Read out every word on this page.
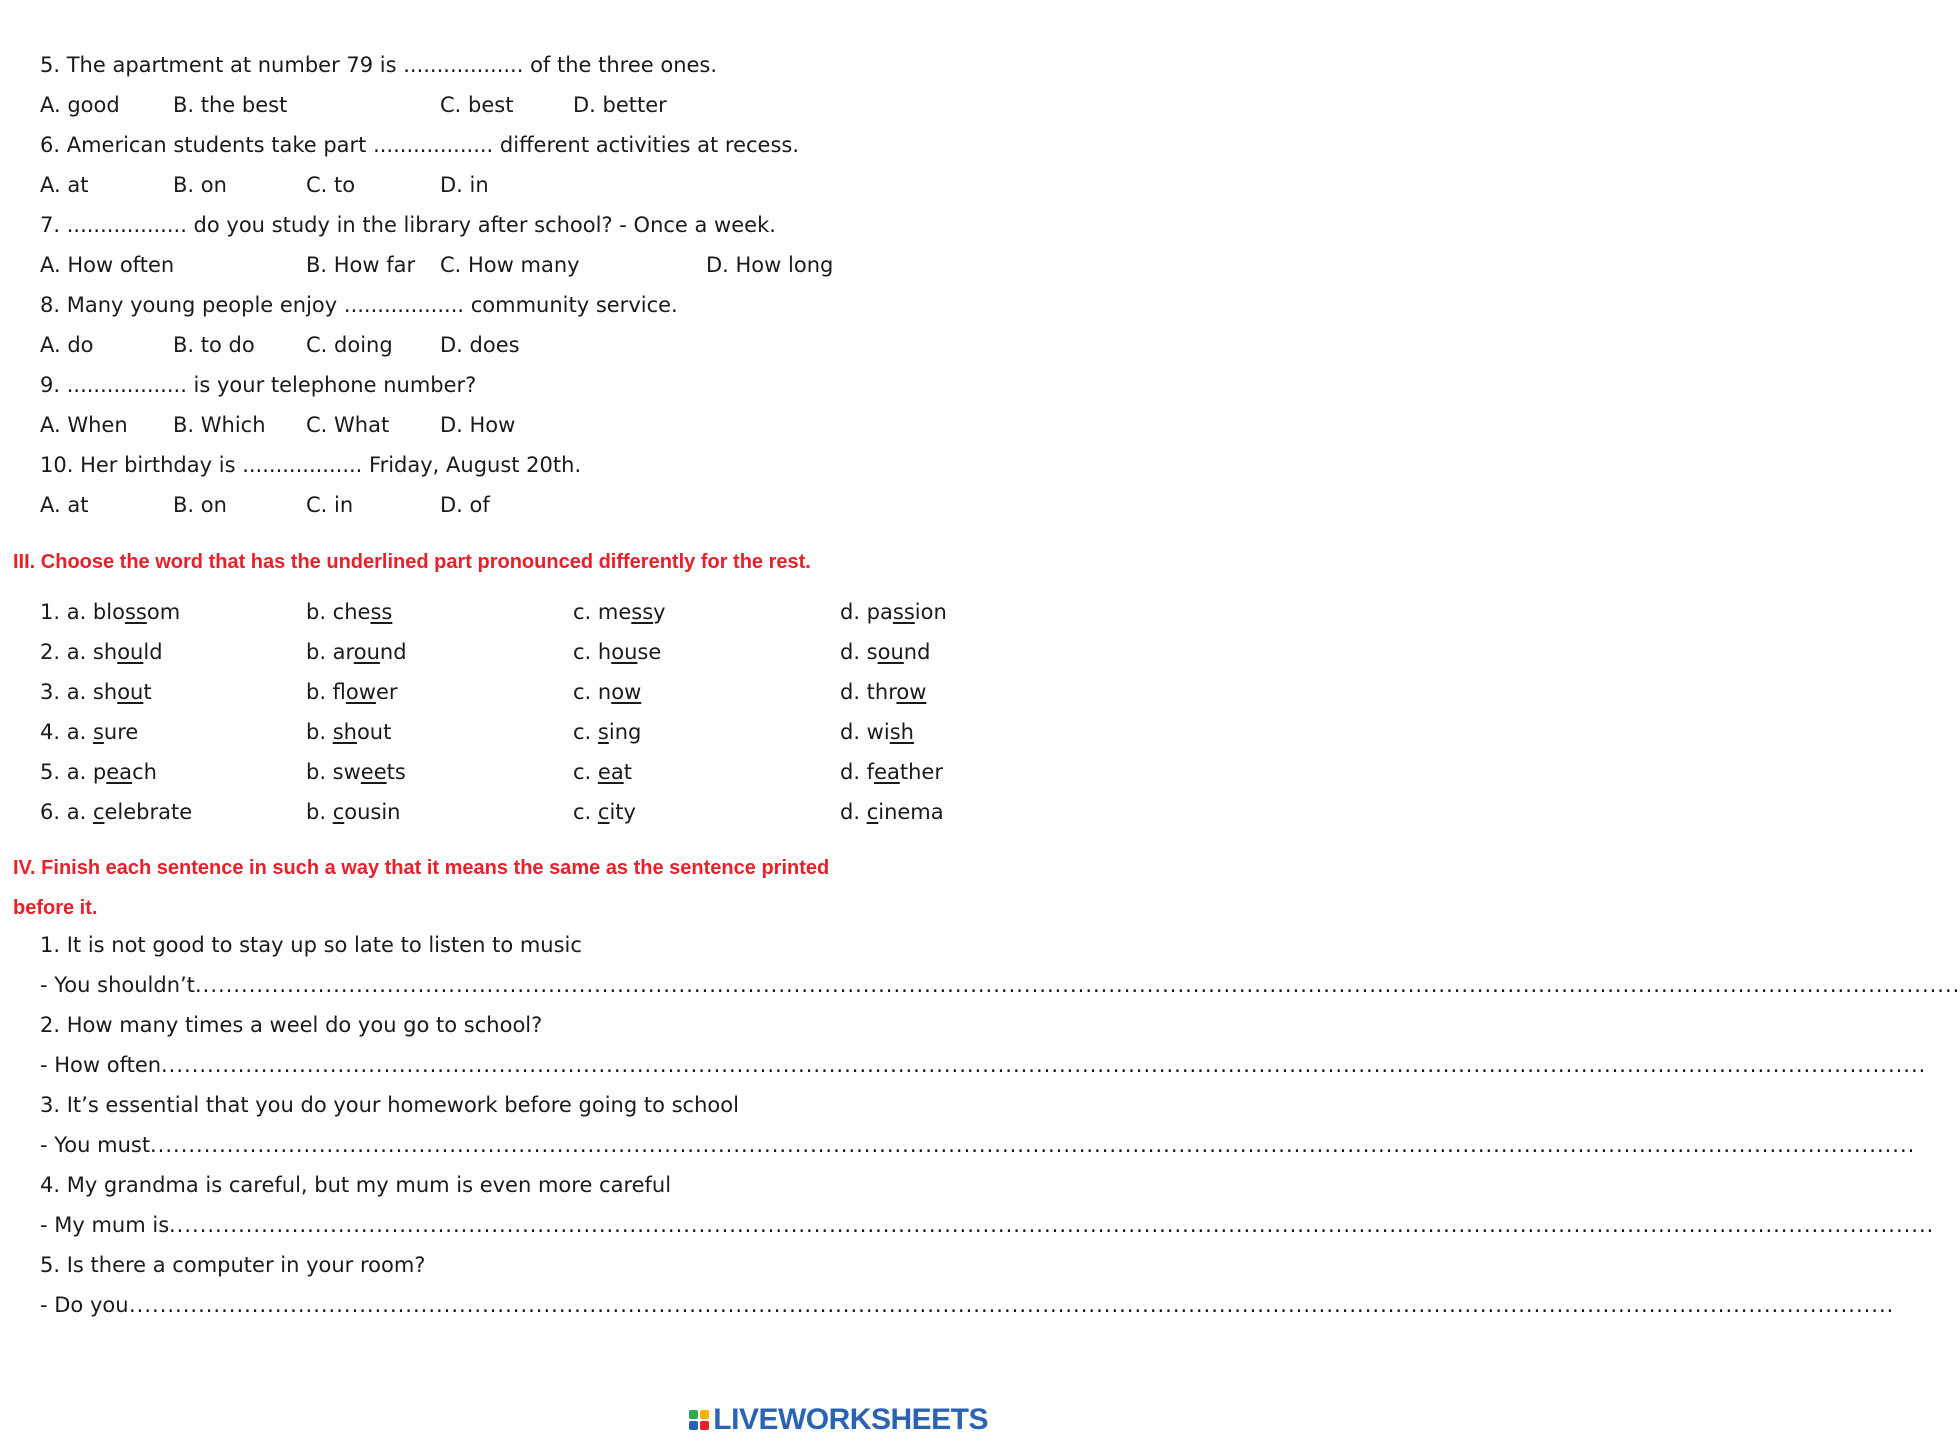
5. The apartment at number 79 is .................. of the three ones.
A. good	B. the best	C. best	D. better
6. American students take part .................. different activities at recess.
A. at	B. on	C. to	D. in
7. .................. do you study in the library after school? - Once a week.
A. How often	B. How far C. How many	D. How long
8. Many young people enjoy .................. community service.
A. do	B. to do C. doing D. does
9. .................. is your telephone number?
A. When B. Which C. What D. How
10. Her birthday is .................. Friday, August 20th.
A. at	B. on	C. in	D. of
III. Choose the word that has the underlined part pronounced differently for the rest.
1. a. blossom	b. chess	c. messy	d. passion
2. a. should	b. around	c. house	d. sound
3. a. shout	b. flower	c. now	d. throw
4. a. sure	b. shout	c. sing	d. wish
5. a. peach	b. sweets	c. eat	d. feather
6. a. celebrate	b. cousin	c. city	d. cinema
IV. Finish each sentence in such a way that it means the same as the sentence printed
before it.
1. It is not good to stay up so late to listen to music
- You shouldn’t ......................................................................................................................................................................................................................................
2. How many times a weel do you go to school?
- How often ......................................................................................................................................................................................................................................
3. It’s essential that you do your homework before going to school
- You must ......................................................................................................................................................................................................................................
4. My grandma is careful, but my mum is even more careful
- My mum is ......................................................................................................................................................................................................................................
5. Is there a computer in your room?
- Do you ......................................................................................................................................................................................................................................
LIVEWORKSHEETS
